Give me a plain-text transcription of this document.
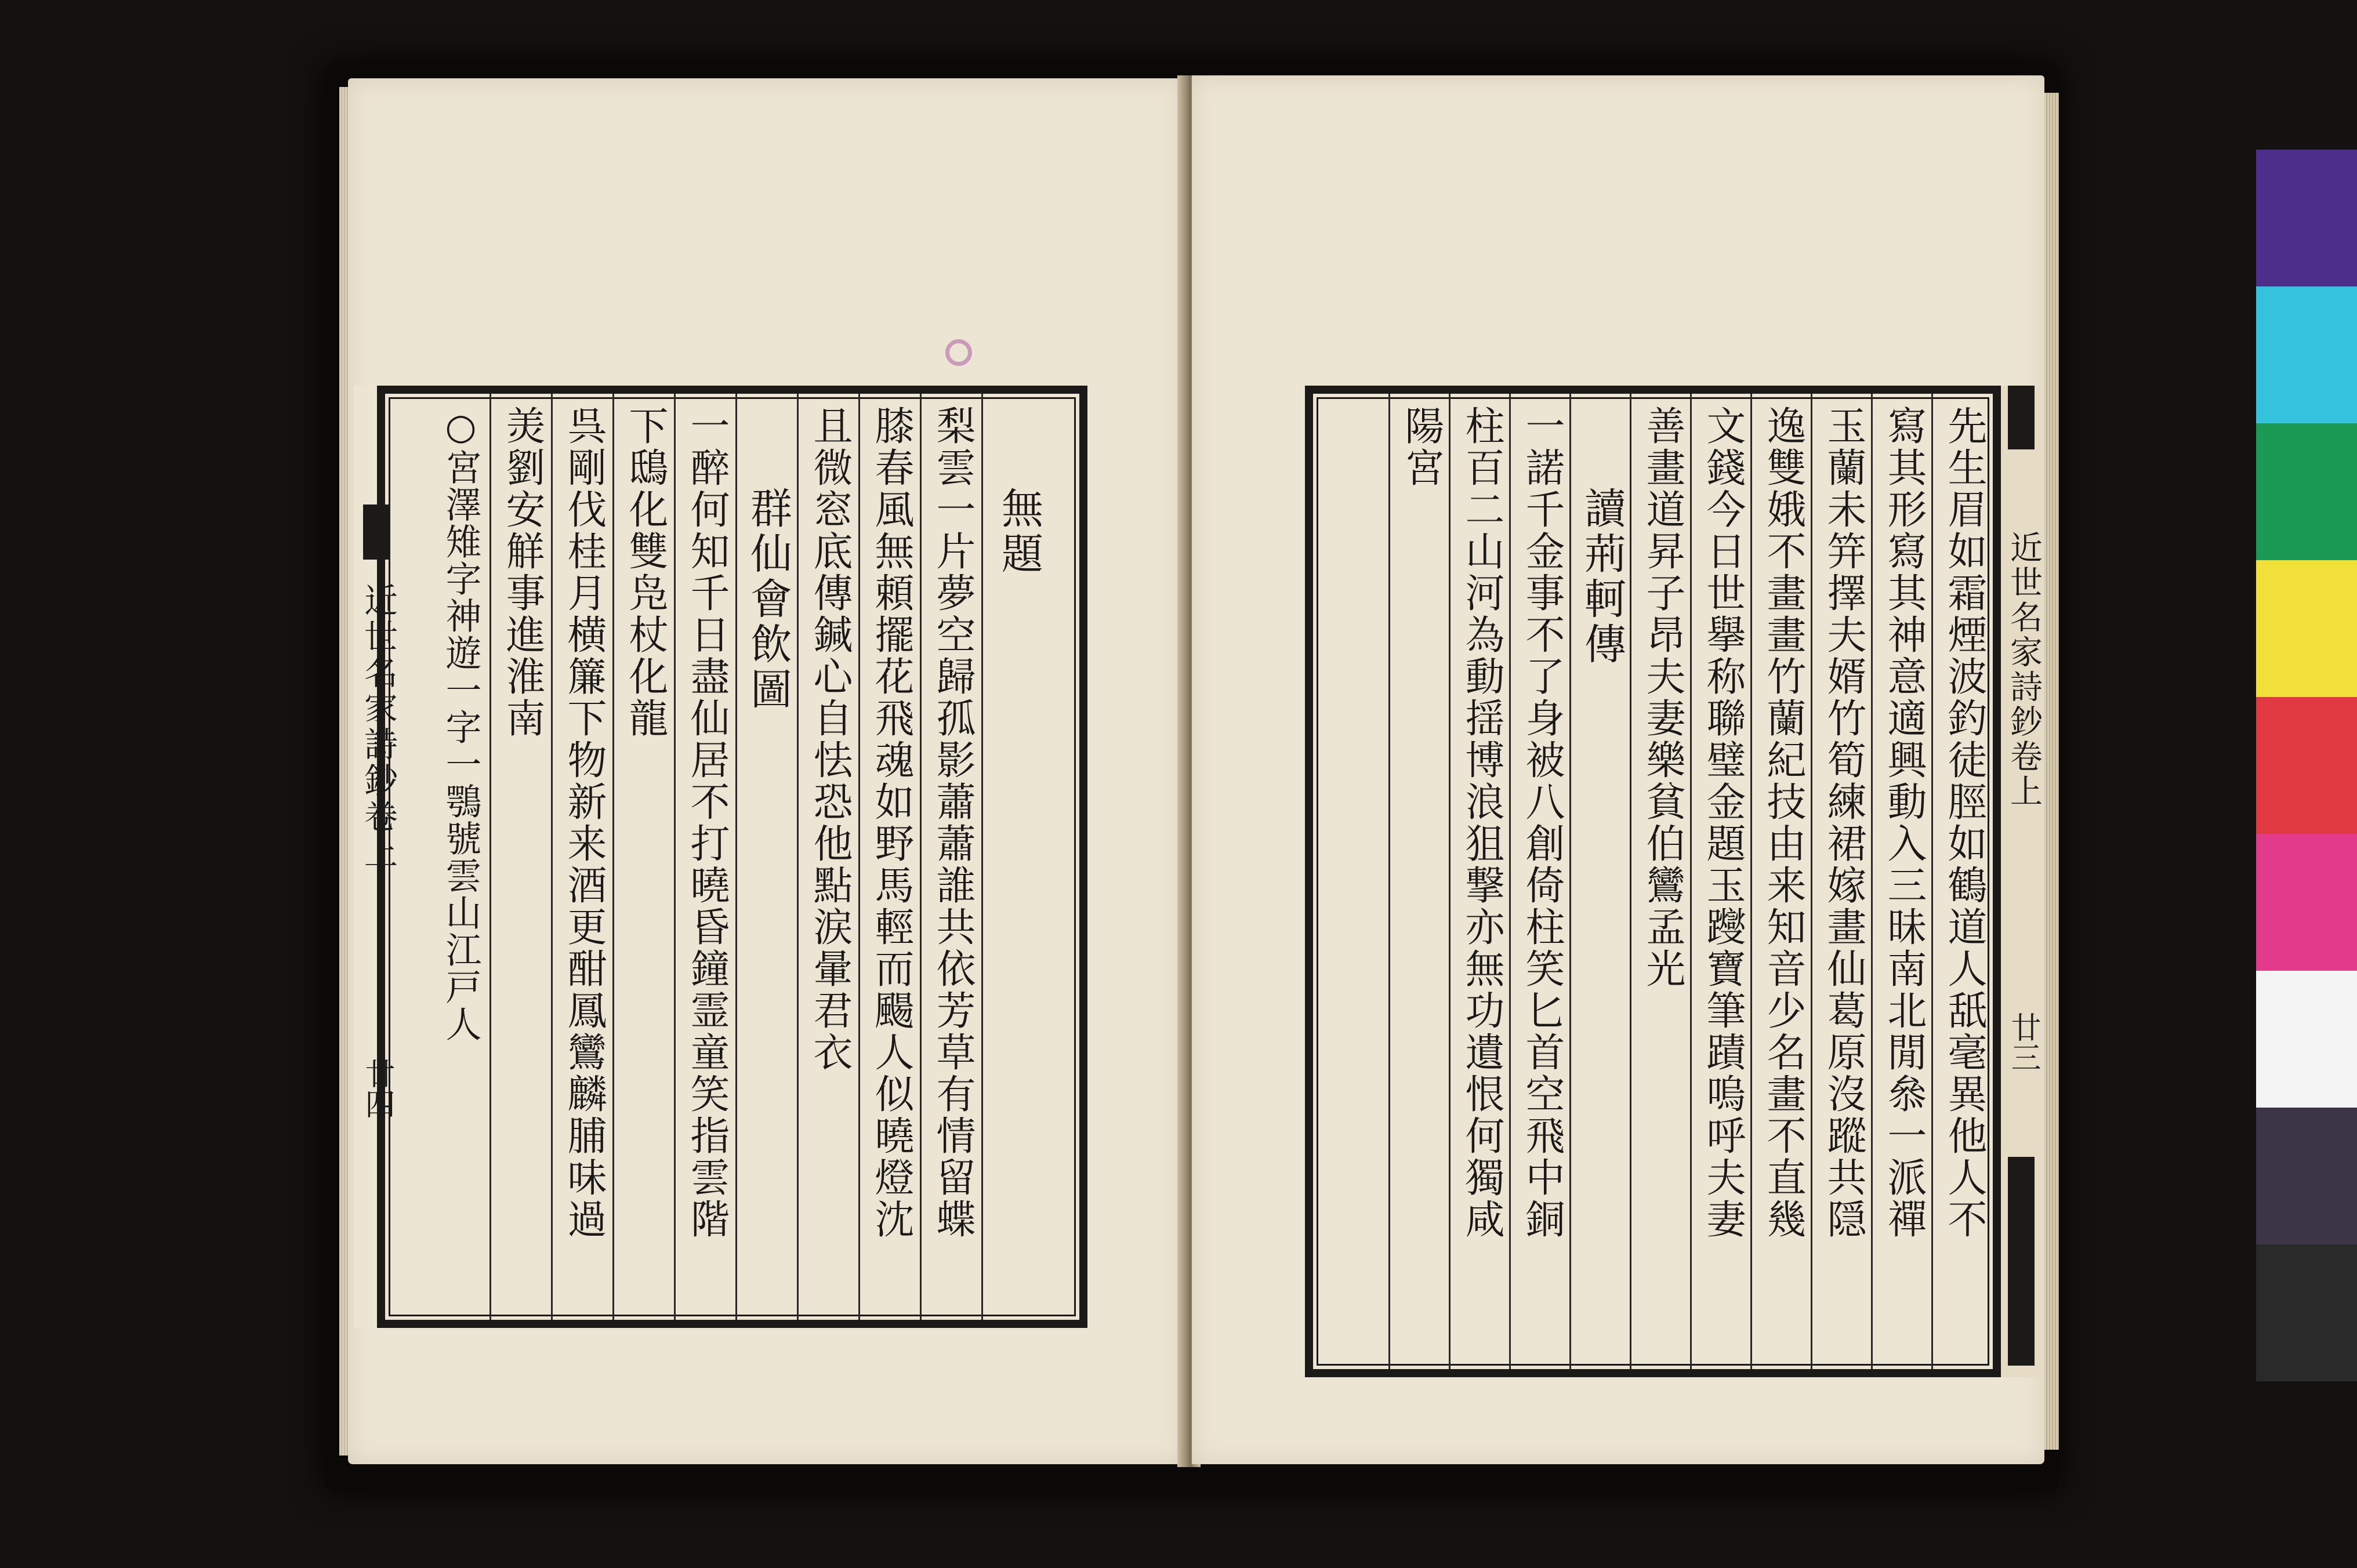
近世名家詩鈔卷上
廿四
無題
梨雲一片夢空歸孤影蕭蕭誰共依芳草有情留蝶
膝春風無頼擺花飛魂如野馬輕而颺人似曉燈沈
且微窓底傳鍼心自怯恐他點涙暈君衣
群仙會飲圖
一醉何知千日盡仙居不打曉昏鐘霊童笑指雲階
下鴟化雙凫杖化龍
呉剛伐桂月横簾下物新来酒更酣鳳鸞麟脯味過
羙劉安觧事進淮南
○宮澤雉字神遊一字一鶚號雲山江戸人	先生眉如霜煙波釣徒脛如鶴道人舐毫異他人不
寫其形寫其神意適興動入三昧南北閒叅一派禪
玉蘭未笄擇夫婿竹筍練裙嫁畫仙葛原沒蹤共隠
逸雙娥不畫畫竹蘭紀技由来知音少名畫不直幾
文錢今日世擧称聯璧金題玉躞寶筆蹟嗚呼夫妻
善畫道昇子昂夫妻樂貧伯鸞孟光
讀荊軻傳
一諾千金事不了身被八創倚柱笑匕首空飛中銅
柱百二山河為動揺博浪狙撃亦無功遺恨何獨咸
陽宮
近世名家詩鈔卷上
廿三
